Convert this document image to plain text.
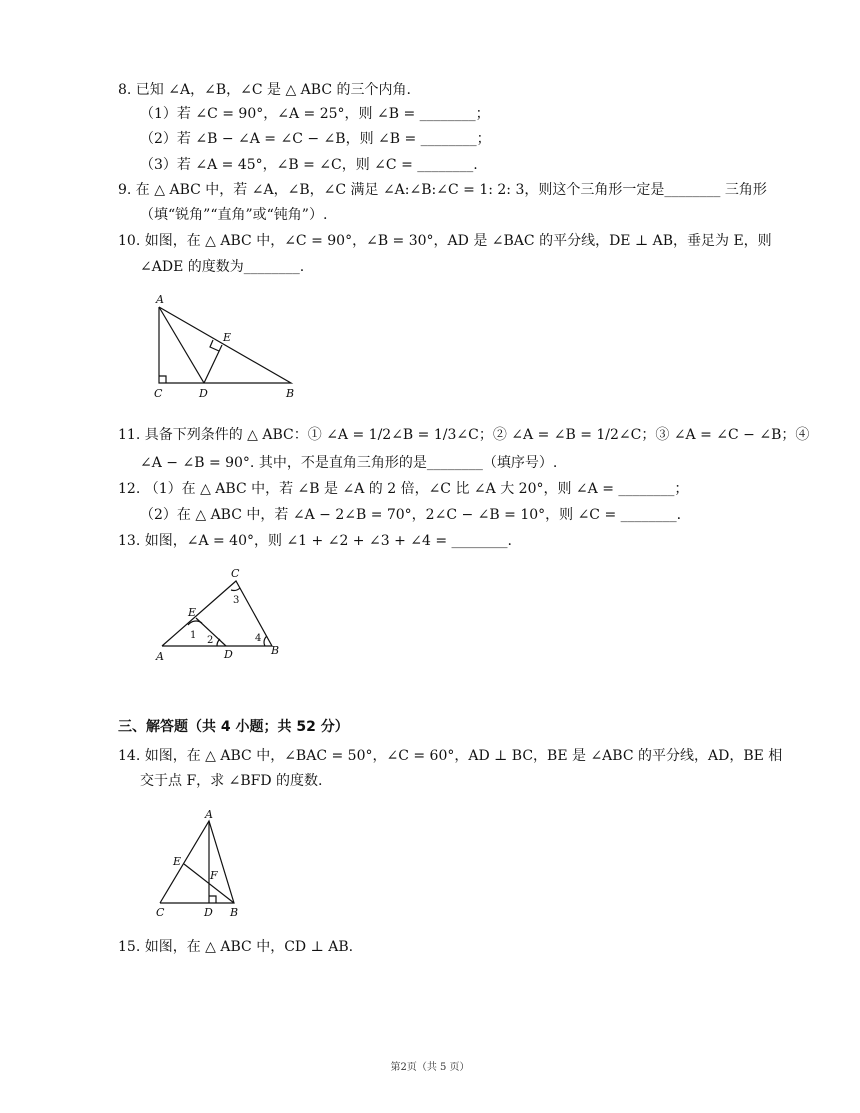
8. 已知 ∠A，∠B，∠C 是 △ ABC 的三个内角.
（1）若 ∠C = 90°，∠A = 25°，则 ∠B = ________；
（2）若 ∠B − ∠A = ∠C − ∠B，则 ∠B = ________；
（3）若 ∠A = 45°，∠B = ∠C，则 ∠C = ________.
9. 在 △ ABC 中，若 ∠A，∠B，∠C 满足 ∠A:∠B:∠C = 1: 2: 3，则这个三角形一定是________ 三角形
（填“锐角”“直角”或“钝角”）.
10. 如图，在 △ ABC 中，∠C = 90°，∠B = 30°，AD 是 ∠BAC 的平分线，DE ⊥ AB，垂足为 E，则
∠ADE 的度数为________.
A
E
C	D	B
11. 具备下列条件的 △ ABC：① ∠A = 1/2∠B = 1/3∠C；② ∠A = ∠B = 1/2∠C；③ ∠A = ∠C − ∠B；④
∠A − ∠B = 90°. 其中，不是直角三角形的是________（填序号）.
12. （1）在 △ ABC 中，若 ∠B 是 ∠A 的 2 倍，∠C 比 ∠A 大 20°，则 ∠A = ________；
（2）在 △ ABC 中，若 ∠A − 2∠B = 70°，2∠C − ∠B = 10°，则 ∠C = ________.
13. 如图，∠A = 40°，则 ∠1 + ∠2 + ∠3 + ∠4 = ________.
C
E
A	D	B
1 2
3
4
三、解答题（共 4 小题；共 52 分）
14. 如图，在 △ ABC 中，∠BAC = 50°，∠C = 60°，AD ⊥ BC，BE 是 ∠ABC 的平分线，AD，BE 相
交于点 F，求 ∠BFD 的度数.
A
E
F
C	D B
15. 如图，在 △ ABC 中，CD ⊥ AB.
第2页（共 5 页）
